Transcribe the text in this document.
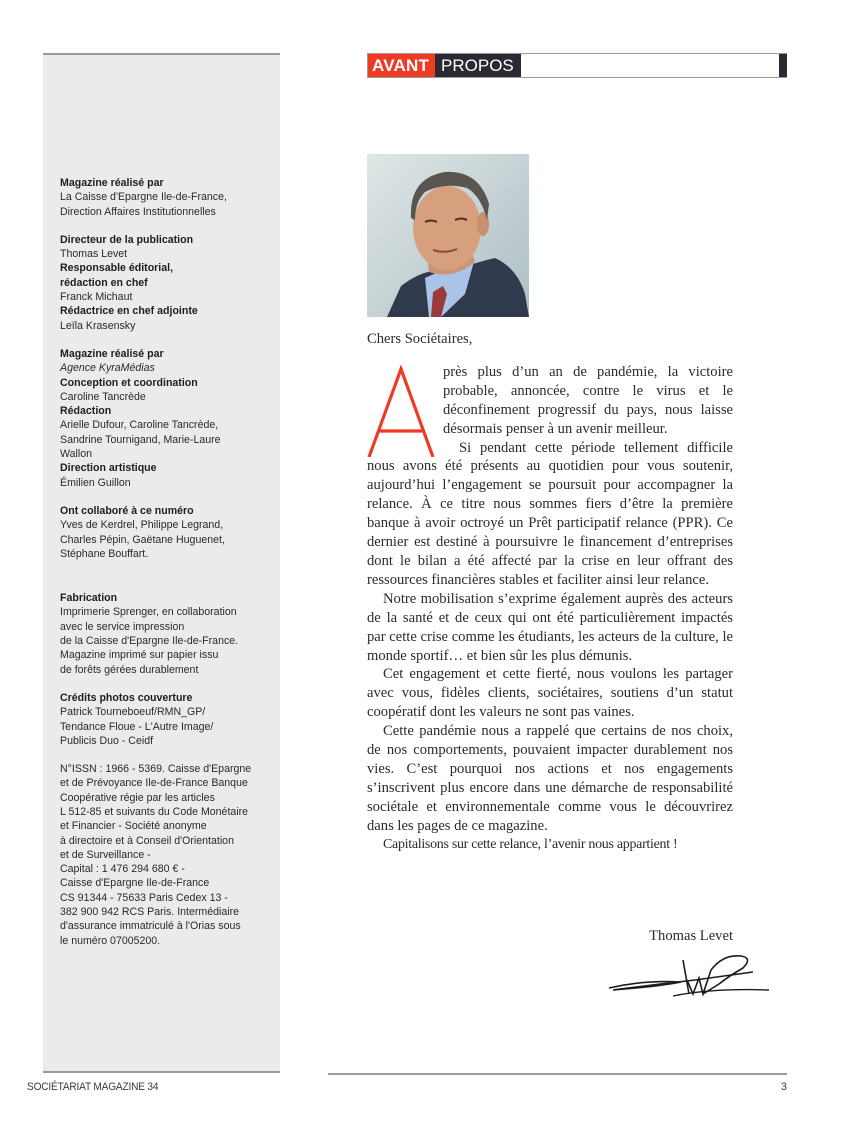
Magazine réalisé par
La Caisse d'Epargne Ile-de-France,
Direction Affaires Institutionnelles
Directeur de la publication
Thomas Levet
Responsable éditorial,
rédaction en chef
Franck Michaut
Rédactrice en chef adjointe
Leïla Krasensky
Magazine réalisé par
Agence KyraMédias
Conception et coordination
Caroline Tancrède
Rédaction
Arielle Dufour, Caroline Tancrède,
Sandrine Tournigand, Marie-Laure
Wallon
Direction artistique
Émilien Guillon
Ont collaboré à ce numéro
Yves de Kerdrel, Philippe Legrand,
Charles Pépin, Gaëtane Huguenet,
Stéphane Bouffart.
Fabrication
Imprimerie Sprenger, en collaboration
avec le service impression
de la Caisse d'Epargne Ile-de-France.
Magazine imprimé sur papier issu
de forêts gérées durablement
Crédits photos couverture
Patrick Tourneboeuf/RMN_GP/
Tendance Floue - L'Autre Image/
Publicis Duo - Ceidf
N°ISSN : 1966 - 5369. Caisse d'Epargne
et de Prévoyance Ile-de-France Banque
Coopérative régie par les articles
L 512-85 et suivants du Code Monétaire
et Financier - Société anonyme
à directoire et à Conseil d'Orientation
et de Surveillance -
Capital : 1 476 294 680 € -
Caisse d'Epargne Ile-de-France
CS 91344 - 75633 Paris Cedex 13 -
382 900 942 RCS Paris. Intermédiaire
d'assurance immatriculé à l'Orias sous
le numéro 07005200.
AVANT PROPOS
Chers Sociétaires,

près plus d’un an de pandémie, la victoire probable, annoncée, contre le virus et le déconfinement progressif du pays, nous laisse désormais penser à un avenir meilleur.

Si pendant cette période tellement difficile nous avons été présents au quotidien pour vous soutenir, aujourd’hui l’engagement se poursuit pour accompagner la relance. À ce titre nous sommes fiers d’être la première banque à avoir octroyé un Prêt participatif relance (PPR). Ce dernier est destiné à poursuivre le financement d’entreprises dont le bilan a été affecté par la crise en leur offrant des ressources financières stables et faciliter ainsi leur relance.

Notre mobilisation s’exprime également auprès des acteurs de la santé et de ceux qui ont été particulièrement impactés par cette crise comme les étudiants, les acteurs de la culture, le monde sportif… et bien sûr les plus démunis.

Cet engagement et cette fierté, nous voulons les partager avec vous, fidèles clients, sociétaires, soutiens d’un statut coopératif dont les valeurs ne sont pas vaines.

Cette pandémie nous a rappelé que certains de nos choix, de nos comportements, pouvaient impacter durablement nos vies. C’est pourquoi nos actions et nos engagements s’inscrivent plus encore dans une démarche de responsabilité sociétale et environnementale comme vous le découvrirez dans les pages de ce magazine.

Capitalisons sur cette relance, l’avenir nous appartient !

Thomas Levet
SOCIÉTARIAT MAGAZINE 34	3
